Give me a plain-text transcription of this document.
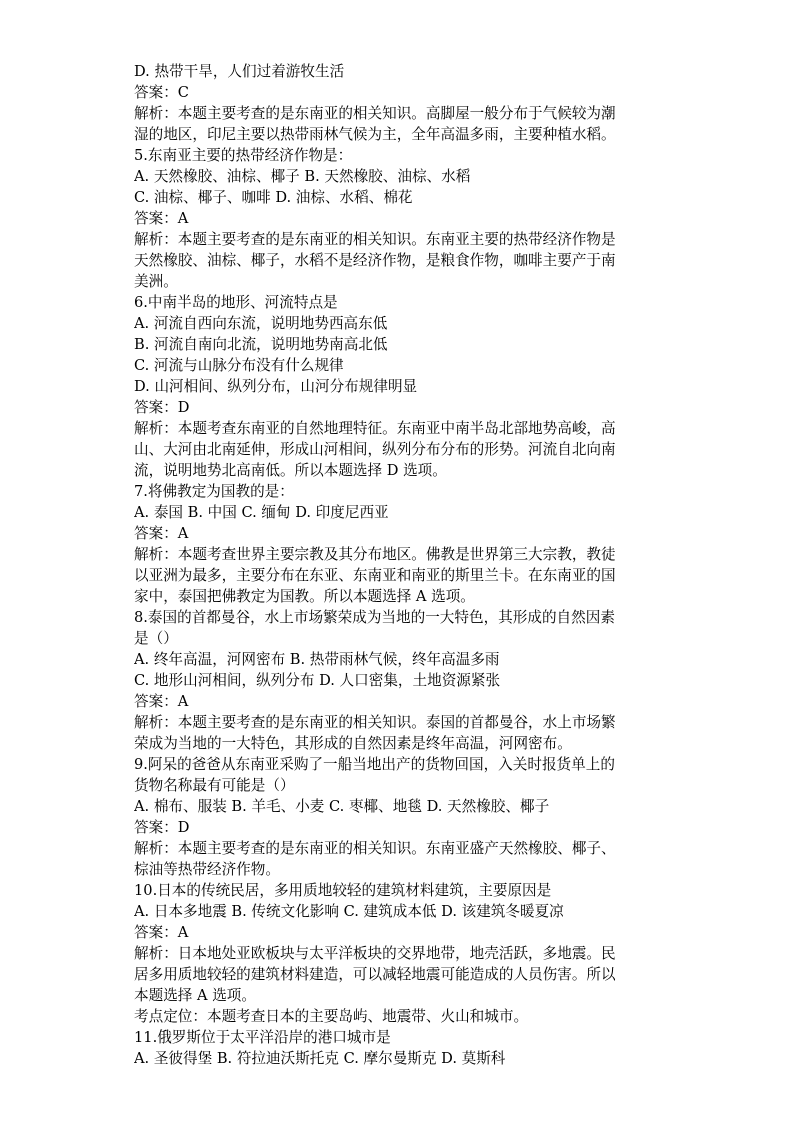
D. 热带干旱，人们过着游牧生活
答案：C
解析：本题主要考查的是东南亚的相关知识。高脚屋一般分布于气候较为潮
湿的地区，印尼主要以热带雨林气候为主，全年高温多雨，主要种植水稻。
5.东南亚主要的热带经济作物是：
A. 天然橡胶、油棕、椰子 B. 天然橡胶、油棕、水稻
C. 油棕、椰子、咖啡 D. 油棕、水稻、棉花
答案：A
解析：本题主要考查的是东南亚的相关知识。东南亚主要的热带经济作物是
天然橡胶、油棕、椰子，水稻不是经济作物，是粮食作物，咖啡主要产于南
美洲。
6.中南半岛的地形、河流特点是
A. 河流自西向东流，说明地势西高东低
B. 河流自南向北流，说明地势南高北低
C. 河流与山脉分布没有什么规律
D. 山河相间、纵列分布，山河分布规律明显
答案：D
解析：本题考查东南亚的自然地理特征。东南亚中南半岛北部地势高峻，高
山、大河由北南延伸，形成山河相间，纵列分布分布的形势。河流自北向南
流，说明地势北高南低。所以本题选择 D 选项。
7.将佛教定为国教的是：
A. 泰国 B. 中国 C. 缅甸 D. 印度尼西亚
答案：A
解析：本题考查世界主要宗教及其分布地区。佛教是世界第三大宗教，教徒
以亚洲为最多，主要分布在东亚、东南亚和南亚的斯里兰卡。在东南亚的国
家中，泰国把佛教定为国教。所以本题选择 A 选项。
8.泰国的首都曼谷，水上市场繁荣成为当地的一大特色，其形成的自然因素
是（）
A. 终年高温，河网密布 B. 热带雨林气候，终年高温多雨
C. 地形山河相间，纵列分布 D. 人口密集，土地资源紧张
答案：A
解析：本题主要考查的是东南亚的相关知识。泰国的首都曼谷，水上市场繁
荣成为当地的一大特色，其形成的自然因素是终年高温，河网密布。
9.阿呆的爸爸从东南亚采购了一船当地出产的货物回国，入关时报货单上的
货物名称最有可能是（）
A. 棉布、服装 B. 羊毛、小麦 C. 枣椰、地毯 D. 天然橡胶、椰子
答案：D
解析：本题主要考查的是东南亚的相关知识。东南亚盛产天然橡胶、椰子、
棕油等热带经济作物。
10.日本的传统民居，多用质地较轻的建筑材料建筑，主要原因是
A. 日本多地震 B. 传统文化影响 C. 建筑成本低 D. 该建筑冬暖夏凉
答案：A
解析：日本地处亚欧板块与太平洋板块的交界地带，地壳活跃，多地震。民
居多用质地较轻的建筑材料建造，可以减轻地震可能造成的人员伤害。所以
本题选择 A 选项。
考点定位：本题考查日本的主要岛屿、地震带、火山和城市。
11.俄罗斯位于太平洋沿岸的港口城市是
A. 圣彼得堡 B. 符拉迪沃斯托克 C. 摩尔曼斯克 D. 莫斯科
